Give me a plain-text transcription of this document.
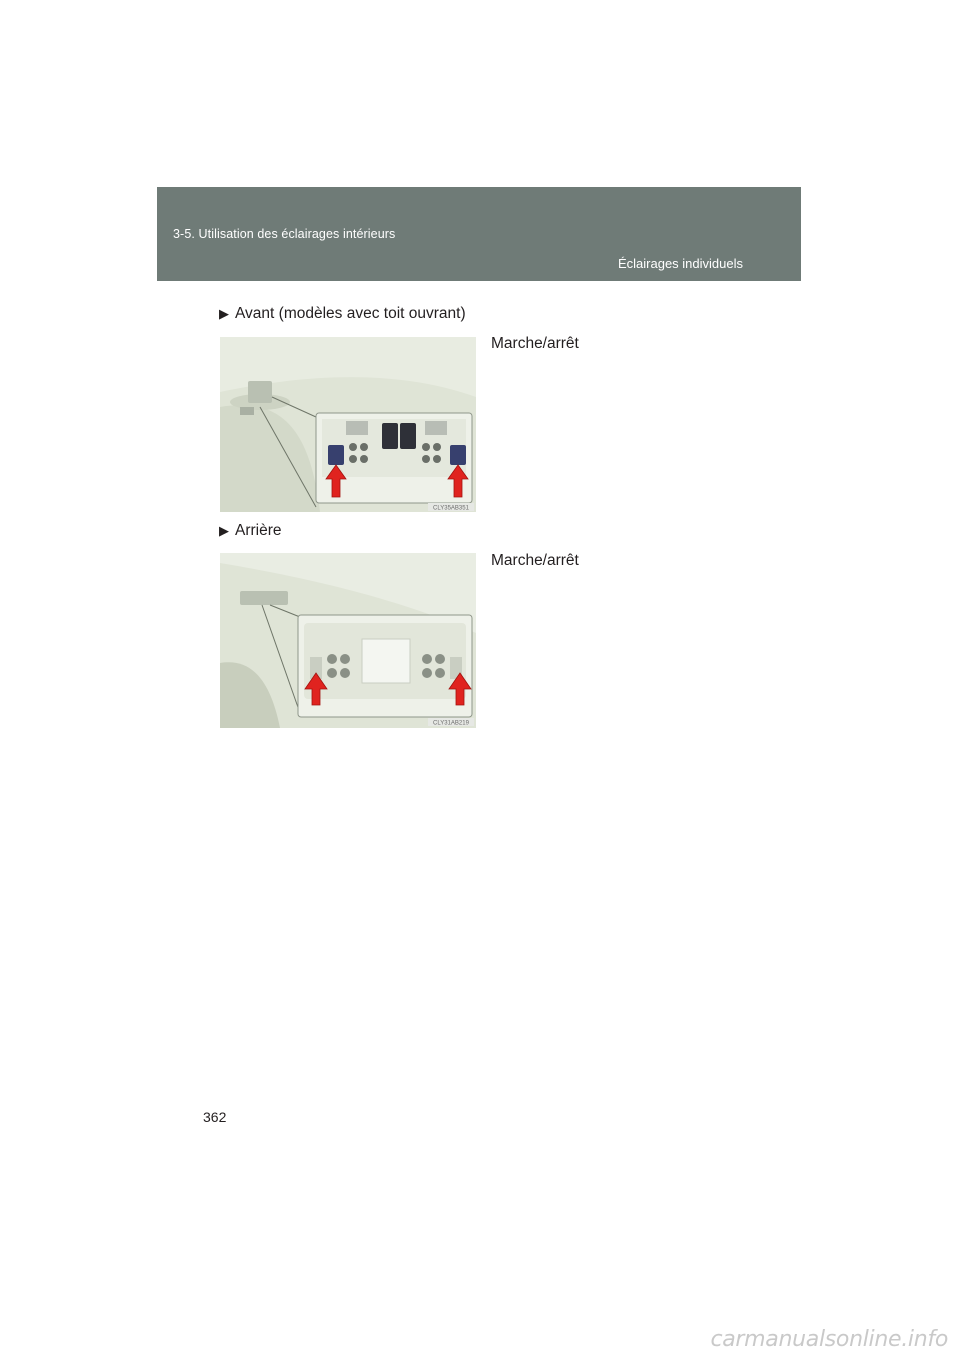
3-5. Utilisation des éclairages intérieurs
Éclairages individuels
▶ Avant (modèles avec toit ouvrant)
Marche/arrêt
CLY35AB351
▶ Arrière
Marche/arrêt
CLY31AB219
362
carmanualsonline.info
